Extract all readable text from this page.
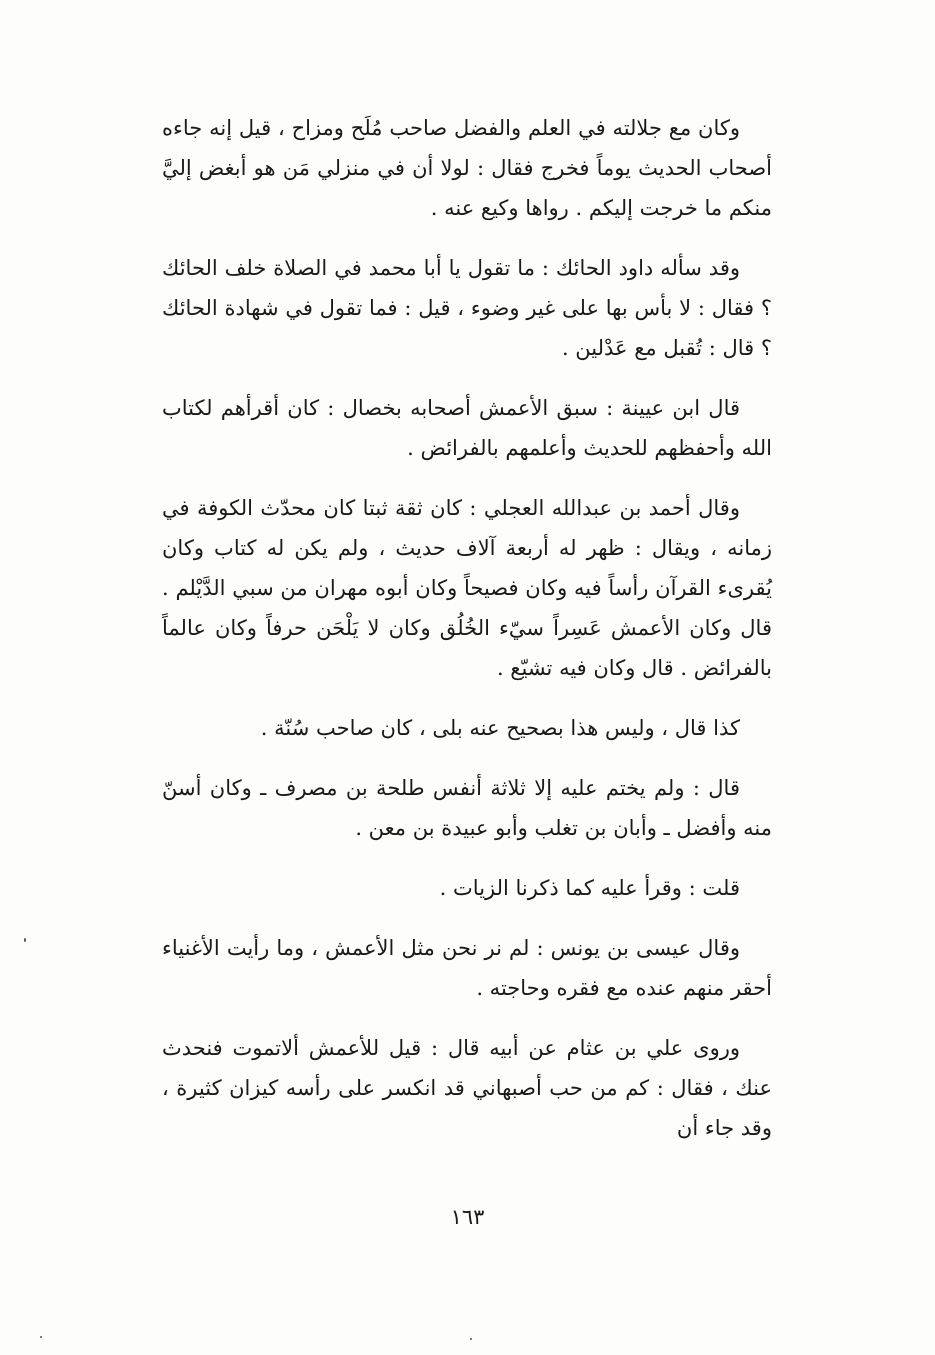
وكان مع جلالته في العلم والفضل صاحب مُلَح ومزاح ، قيل إنه جاءه أصحاب الحديث يوماً فخرج فقال : لولا أن في منزلي مَن هو أبغض إليَّ منكم ما خرجت إليكم . رواها وكيع عنه .

وقد سأله داود الحائك : ما تقول يا أبا محمد في الصلاة خلف الحائك ؟ فقال : لا بأس بها على غير وضوء ، قيل : فما تقول في شهادة الحائك ؟ قال : تُقبل مع عَدْلين .

قال ابن عيينة : سبق الأعمش أصحابه بخصال : كان أقرأهم لكتاب الله وأحفظهم للحديث وأعلمهم بالفرائض .

وقال أحمد بن عبدالله العجلي : كان ثقة ثبتا كان محدّث الكوفة في زمانه ، ويقال : ظهر له أربعة آلاف حديث ، ولم يكن له كتاب وكان يُقرىء القرآن رأساً فيه وكان فصيحاً وكان أبوه مهران من سبي الدَّيْلم . قال وكان الأعمش عَسِراً سيّء الخُلُق وكان لا يَلْحَن حرفاً وكان عالماً بالفرائض . قال وكان فيه تشيّع .

كذا قال ، وليس هذا بصحيح عنه بلى ، كان صاحب سُنّة .

قال : ولم يختم عليه إلا ثلاثة أنفس طلحة بن مصرف ـ وكان أسنّ منه وأفضل ـ وأبان بن تغلب وأبو عبيدة بن معن .

قلت : وقرأ عليه كما ذكرنا الزيات .

وقال عيسى بن يونس : لم نر نحن مثل الأعمش ، وما رأيت الأغنياء أحقر منهم عنده مع فقره وحاجته .

وروى علي بن عثام عن أبيه قال : قيل للأعمش ألاتموت فنحدث عنك ، فقال : كم من حب أصبهاني قد انكسر على رأسه كيزان كثيرة ، وقد جاء أن

١٦٣
